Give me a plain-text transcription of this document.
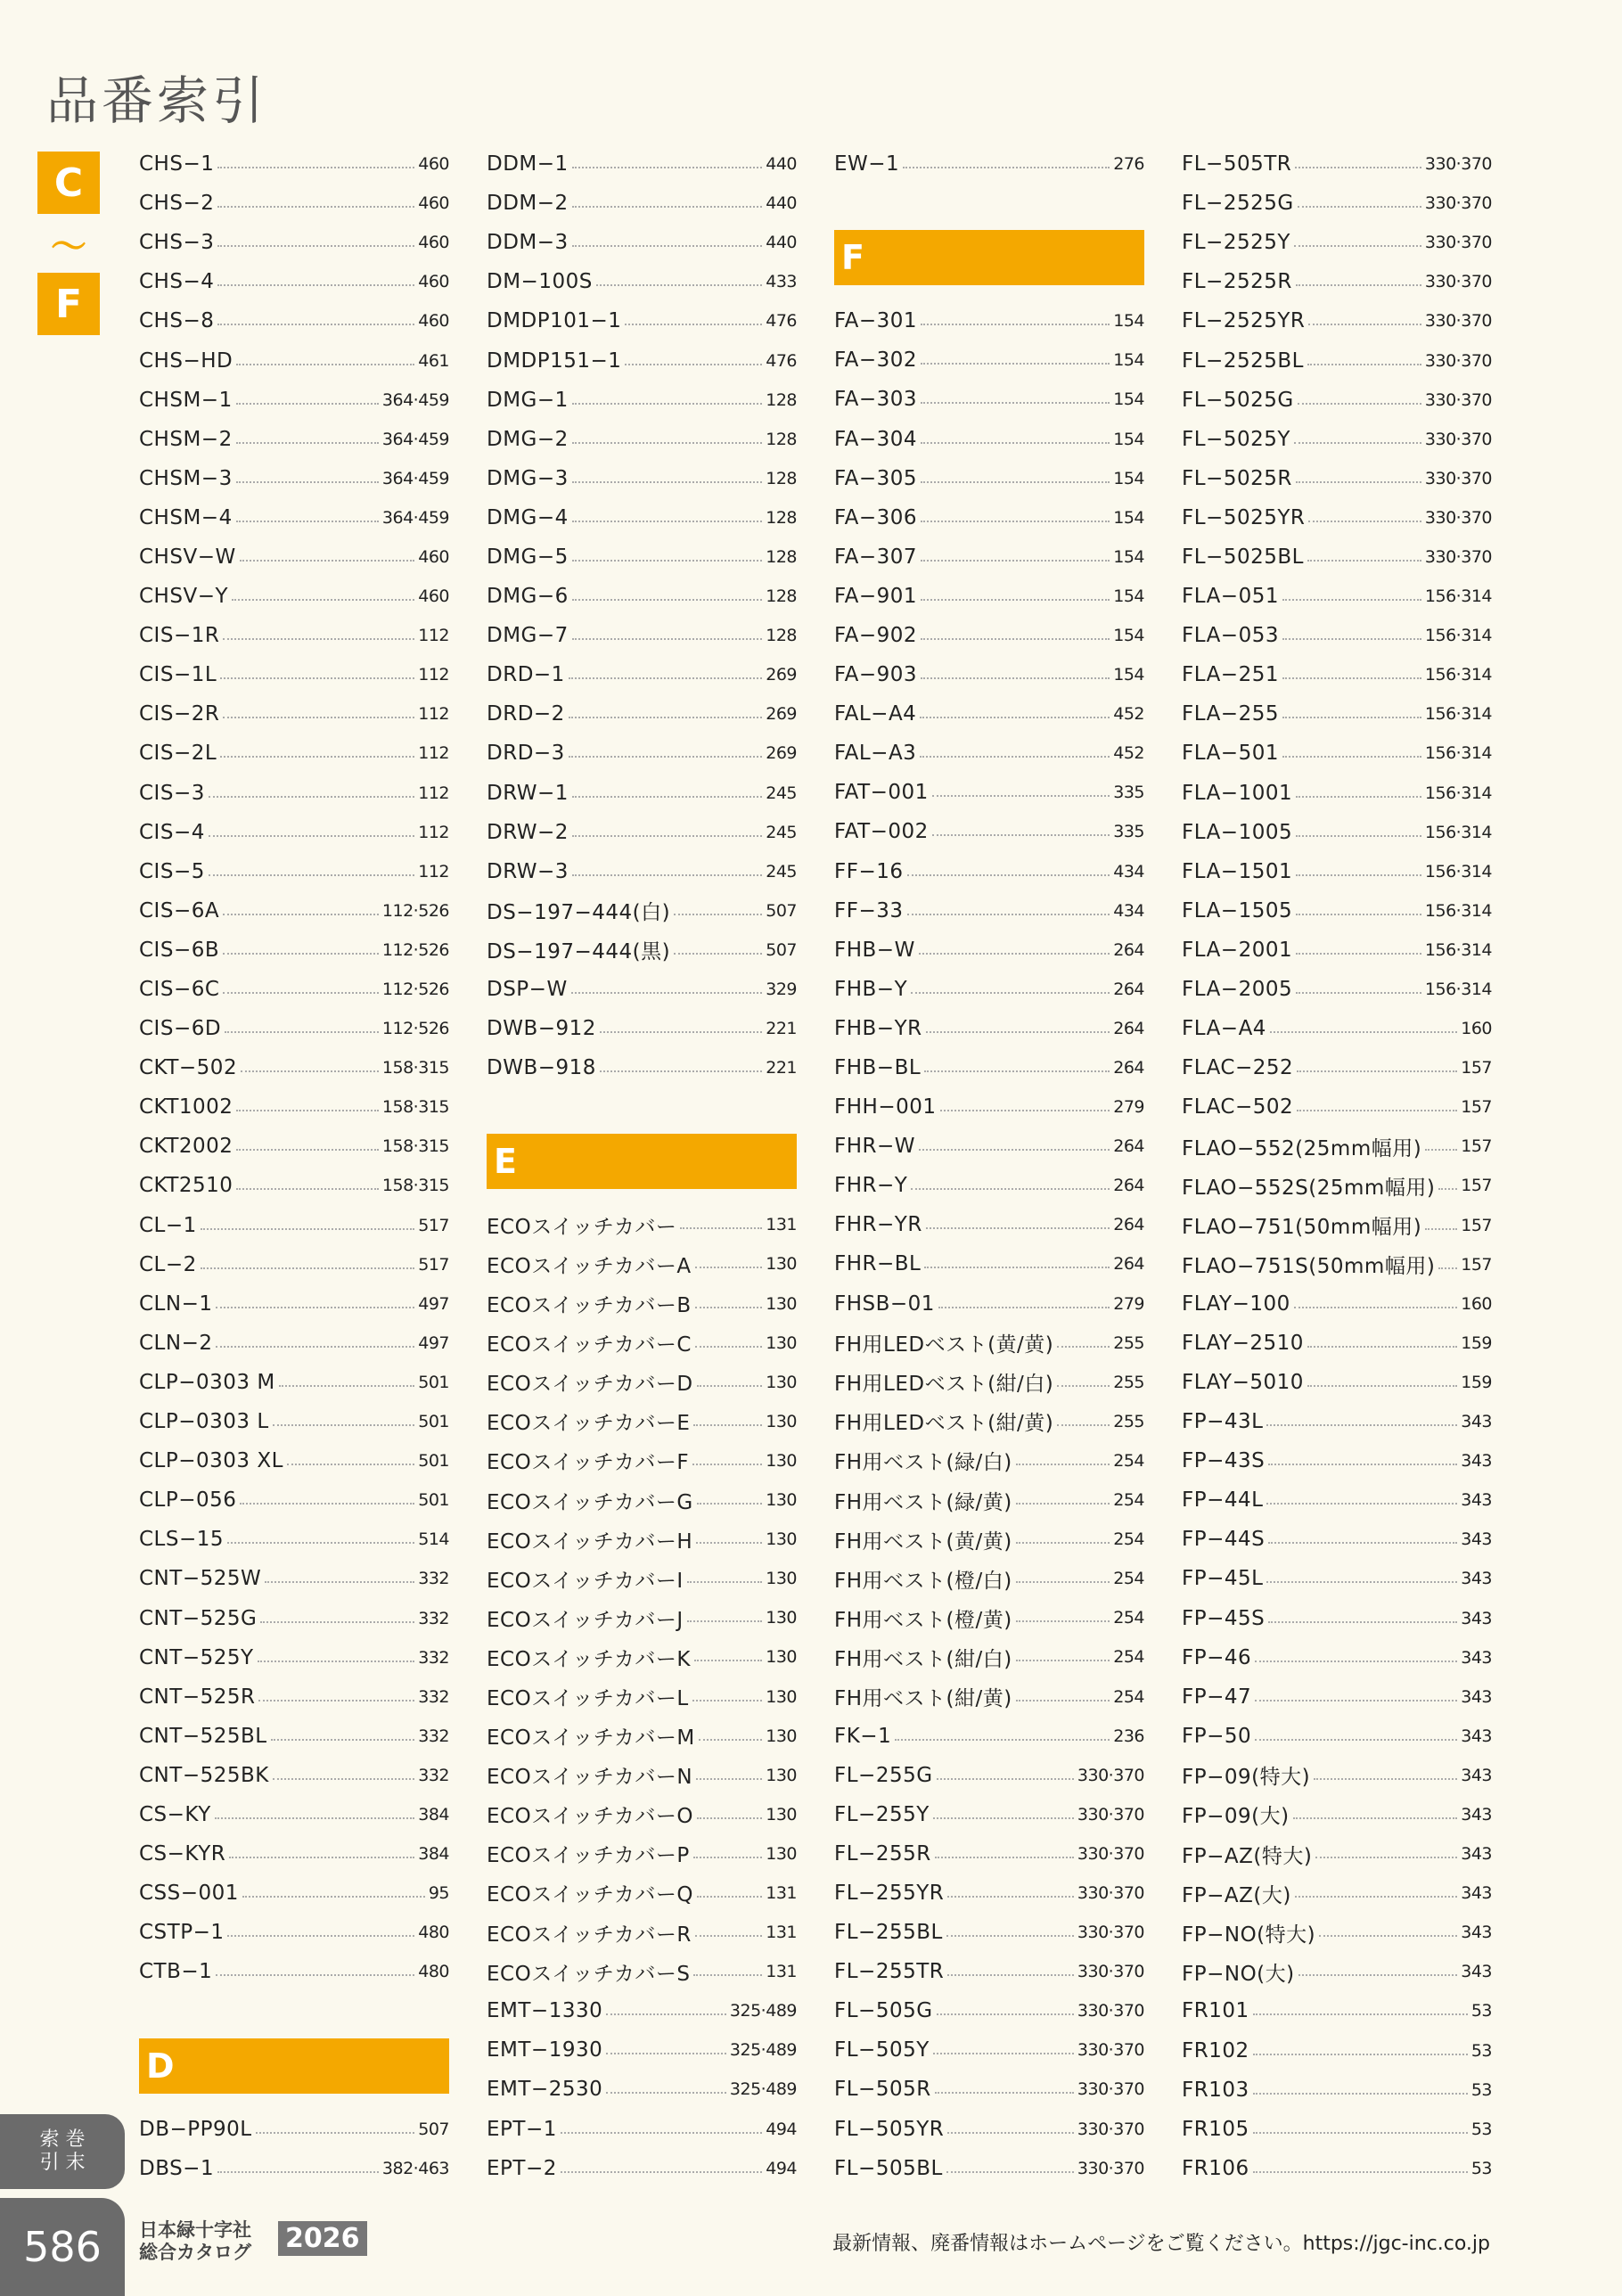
品番索引
C
〜
F
CHS−1	460
CHS−2	460
CHS−3	460
CHS−4	460
CHS−8	460
CHS−HD	461
CHSM−1	364·459
CHSM−2	364·459
CHSM−3	364·459
CHSM−4	364·459
CHSV−W	460
CHSV−Y	460
CIS−1R	112
CIS−1L	112
CIS−2R	112
CIS−2L	112
CIS−3	112
CIS−4	112
CIS−5	112
CIS−6A	112·526
CIS−6B	112·526
CIS−6C	112·526
CIS−6D	112·526
CKT−502	158·315
CKT1002	158·315
CKT2002	158·315
CKT2510	158·315
CL−1	517
CL−2	517
CLN−1	497
CLN−2	497
CLP−0303 M	501
CLP−0303 L	501
CLP−0303 XL	501
CLP−056	501
CLS−15	514
CNT−525W	332
CNT−525G	332
CNT−525Y	332
CNT−525R	332
CNT−525BL	332
CNT−525BK	332
CS−KY	384
CS−KYR	384
CSS−001	95
CSTP−1	480
CTB−1	480
D
DB−PP90L	507
DBS−1	382·463
DDM−1	440
DDM−2	440
DDM−3	440
DM−100S	433
DMDP101−1	476
DMDP151−1	476
DMG−1	128
DMG−2	128
DMG−3	128
DMG−4	128
DMG−5	128
DMG−6	128
DMG−7	128
DRD−1	269
DRD−2	269
DRD−3	269
DRW−1	245
DRW−2	245
DRW−3	245
DS−197−444(白)	507
DS−197−444(黒)	507
DSP−W	329
DWB−912	221
DWB−918	221
E
ECOスイッチカバー	131
ECOスイッチカバーA	130
ECOスイッチカバーB	130
ECOスイッチカバーC	130
ECOスイッチカバーD	130
ECOスイッチカバーE	130
ECOスイッチカバーF	130
ECOスイッチカバーG	130
ECOスイッチカバーH	130
ECOスイッチカバーI	130
ECOスイッチカバーJ	130
ECOスイッチカバーK	130
ECOスイッチカバーL	130
ECOスイッチカバーM	130
ECOスイッチカバーN	130
ECOスイッチカバーO	130
ECOスイッチカバーP	130
ECOスイッチカバーQ	131
ECOスイッチカバーR	131
ECOスイッチカバーS	131
EMT−1330	325·489
EMT−1930	325·489
EMT−2530	325·489
EPT−1	494
EPT−2	494
EW−1	276
F
FA−301	154
FA−302	154
FA−303	154
FA−304	154
FA−305	154
FA−306	154
FA−307	154
FA−901	154
FA−902	154
FA−903	154
FAL−A4	452
FAL−A3	452
FAT−001	335
FAT−002	335
FF−16	434
FF−33	434
FHB−W	264
FHB−Y	264
FHB−YR	264
FHB−BL	264
FHH−001	279
FHR−W	264
FHR−Y	264
FHR−YR	264
FHR−BL	264
FHSB−01	279
FH用LEDベスト(黄/黄)	255
FH用LEDベスト(紺/白)	255
FH用LEDベスト(紺/黄)	255
FH用ベスト(緑/白)	254
FH用ベスト(緑/黄)	254
FH用ベスト(黄/黄)	254
FH用ベスト(橙/白)	254
FH用ベスト(橙/黄)	254
FH用ベスト(紺/白)	254
FH用ベスト(紺/黄)	254
FK−1	236
FL−255G	330·370
FL−255Y	330·370
FL−255R	330·370
FL−255YR	330·370
FL−255BL	330·370
FL−255TR	330·370
FL−505G	330·370
FL−505Y	330·370
FL−505R	330·370
FL−505YR	330·370
FL−505BL	330·370
FL−505TR	330·370
FL−2525G	330·370
FL−2525Y	330·370
FL−2525R	330·370
FL−2525YR	330·370
FL−2525BL	330·370
FL−5025G	330·370
FL−5025Y	330·370
FL−5025R	330·370
FL−5025YR	330·370
FL−5025BL	330·370
FLA−051	156·314
FLA−053	156·314
FLA−251	156·314
FLA−255	156·314
FLA−501	156·314
FLA−1001	156·314
FLA−1005	156·314
FLA−1501	156·314
FLA−1505	156·314
FLA−2001	156·314
FLA−2005	156·314
FLA−A4	160
FLAC−252	157
FLAC−502	157
FLAO−552(25mm幅用) 157
FLAO−552S(25mm幅用) 157
FLAO−751(50mm幅用) 157
FLAO−751S(50mm幅用) 157
FLAY−100	160
FLAY−2510	159
FLAY−5010	159
FP−43L	343
FP−43S	343
FP−44L	343
FP−44S	343
FP−45L	343
FP−45S	343
FP−46	343
FP−47	343
FP−50	343
FP−09(特大)	343
FP−09(大)	343
FP−AZ(特大)	343
FP−AZ(大)	343
FP−NO(特大)	343
FP−NO(大)	343
FR101	53
FR102	53
FR103	53
FR105	53
FR106	53
索 巻
引 末
586	日本緑十字社
総合カタログ 2026	最新情報、廃番情報はホームページをご覧ください。https://jgc-inc.co.jp
